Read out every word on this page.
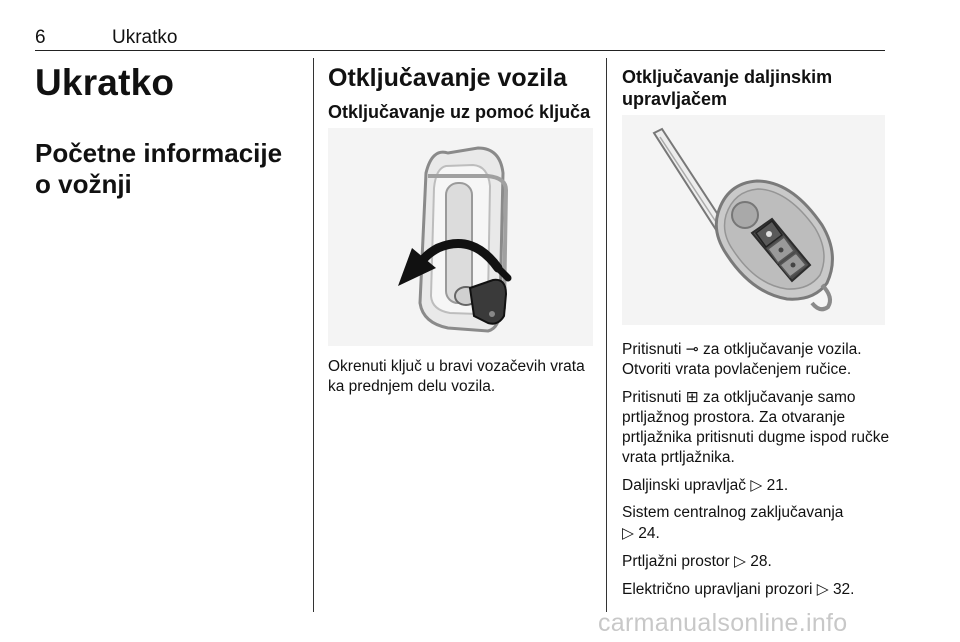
6	Ukratko
Ukratko
Početne informacije o vožnji
Otključavanje vozila
Otključavanje uz pomoć ključa
Okrenuti ključ u bravi vozačevih vrata ka prednjem delu vozila.
Otključavanje daljinskim upravljačem

Pritisnuti ⊸ za otključavanje vozila. Otvoriti vrata povlačenjem ručice.

Pritisnuti ⊞ za otključavanje samo prtljažnog prostora. Za otvaranje prtljažnika pritisnuti dugme ispod ručke vrata prtljažnika.

Daljinski upravljač ▷ 21.

Sistem centralnog zaključavanja
▷ 24.

Prtljažni prostor ▷ 28.

Električno upravljani prozori ▷ 32.

carmanualsonline.info
